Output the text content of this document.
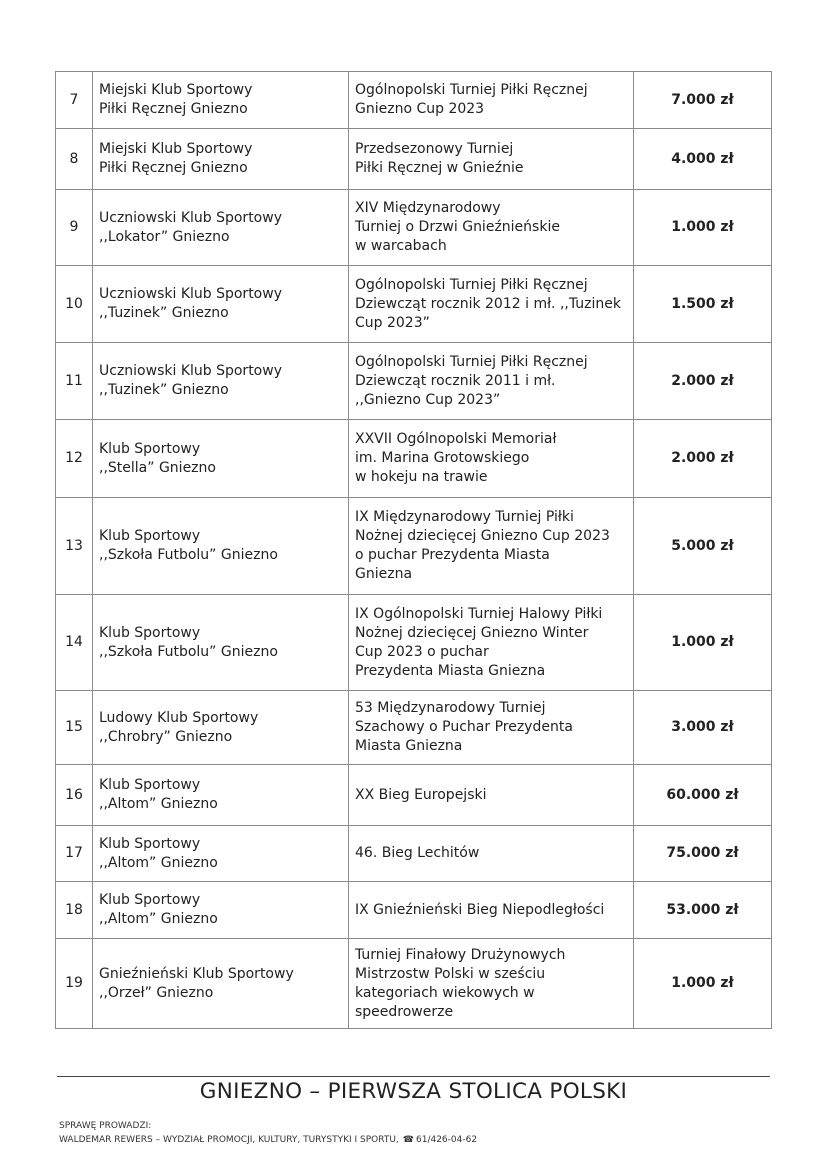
7	Miejski Klub Sportowy
Piłki Ręcznej Gniezno	Ogólnopolski Turniej Piłki Ręcznej
Gniezno Cup 2023	7.000 zł
8	Miejski Klub Sportowy
Piłki Ręcznej Gniezno	Przedsezonowy Turniej
Piłki Ręcznej w Gnieźnie	4.000 zł
9	Uczniowski Klub Sportowy
,,Lokator” Gniezno	XIV Międzynarodowy
Turniej o Drzwi Gnieźnieńskie
w warcabach	1.000 zł
10	Uczniowski Klub Sportowy
,,Tuzinek” Gniezno	Ogólnopolski Turniej Piłki Ręcznej
Dziewcząt rocznik 2012 i mł. ,,Tuzinek
Cup 2023”	1.500 zł
11	Uczniowski Klub Sportowy
,,Tuzinek” Gniezno	Ogólnopolski Turniej Piłki Ręcznej
Dziewcząt rocznik 2011 i mł.
,,Gniezno Cup 2023”	2.000 zł
12	Klub Sportowy
,,Stella” Gniezno	XXVII Ogólnopolski Memoriał
im. Marina Grotowskiego
w hokeju na trawie	2.000 zł
13	Klub Sportowy
,,Szkoła Futbolu” Gniezno	IX Międzynarodowy Turniej Piłki
Nożnej dziecięcej Gniezno Cup 2023
o puchar Prezydenta Miasta
Gniezna	5.000 zł
14	Klub Sportowy
,,Szkoła Futbolu” Gniezno	IX Ogólnopolski Turniej Halowy Piłki
Nożnej dziecięcej Gniezno Winter
Cup 2023 o puchar
Prezydenta Miasta Gniezna	1.000 zł
15	Ludowy Klub Sportowy
,,Chrobry” Gniezno	53 Międzynarodowy Turniej
Szachowy o Puchar Prezydenta
Miasta Gniezna	3.000 zł
16	Klub Sportowy
,,Altom” Gniezno	XX Bieg Europejski	60.000 zł
17	Klub Sportowy
,,Altom” Gniezno	46. Bieg Lechitów	75.000 zł
18	Klub Sportowy
,,Altom” Gniezno	IX Gnieźnieński Bieg Niepodległości	53.000 zł
19	Gnieźnieński Klub Sportowy
,,Orzeł” Gniezno	Turniej Finałowy Drużynowych
Mistrzostw Polski w sześciu
kategoriach wiekowych w
speedrowerze	1.000 zł
GNIEZNO – PIERWSZA STOLICA POLSKI
SPRAWĘ PROWADZI:
WALDEMAR REWERS – WYDZIAŁ PROMOCJI, KULTURY, TURYSTYKI I SPORTU, ☎ 61/426-04-62
